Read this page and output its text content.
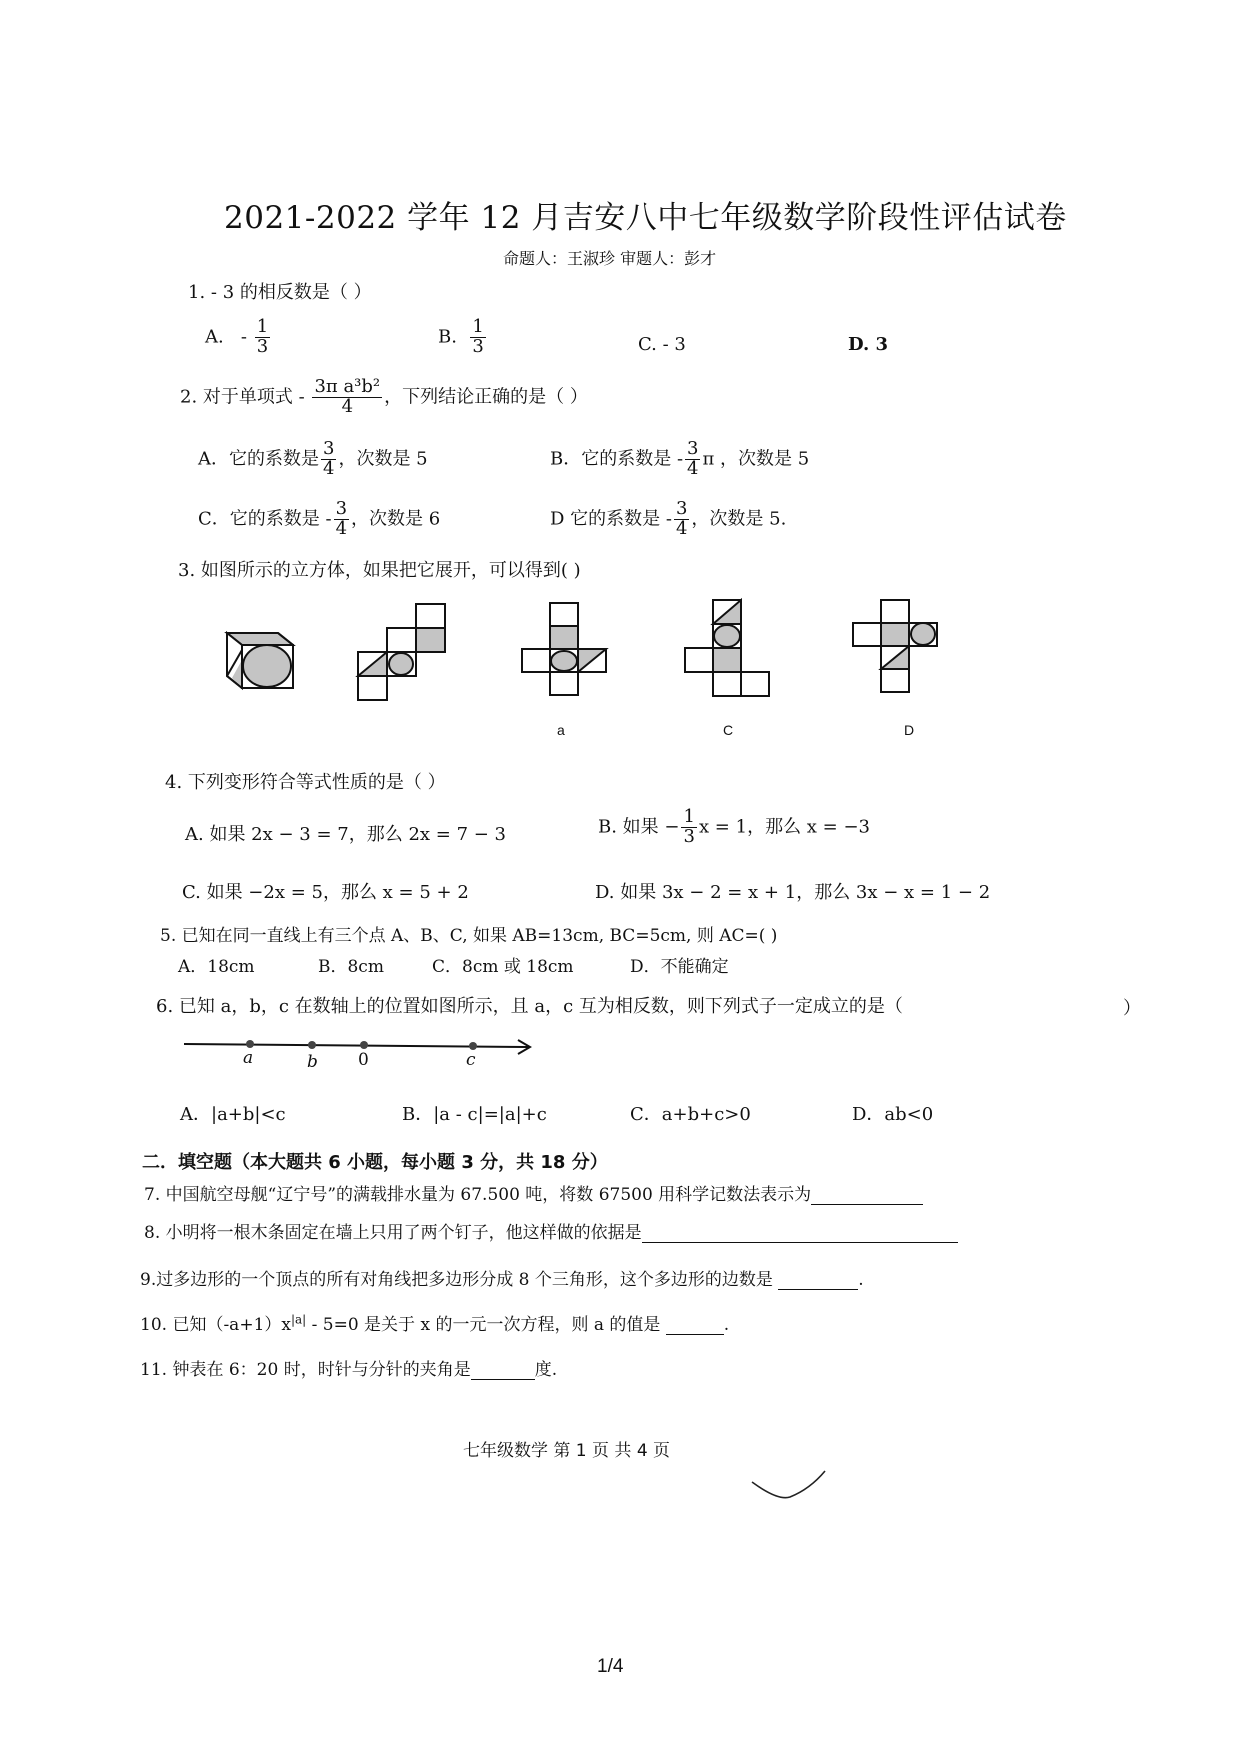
2021-2022 学年 12 月吉安八中七年级数学阶段性评估试卷
命题人：王淑珍 审题人：彭才
1. - 3 的相反数是（ ）
A. - $\frac{1}{3}$	B. $\frac{1}{3}$	C. - 3	D. 3
2. 对于单项式 - $\frac{\text{3π a³b²}}{4}$ ，下列结论正确的是（ ）
A．它的系数是 $\frac{3}{4}$ ，次数是 5	B．它的系数是 - $\frac{3}{4}$ π ，次数是 5
C．它的系数是 - $\frac{3}{4}$ ，次数是 6	D 它的系数是 - $\frac{3}{4}$ ，次数是 5.
3. 如图所示的立方体，如果把它展开，可以得到( )
a	C	D
4. 下列变形符合等式性质的是（ ）
A. 如果 2x − 3 = 7，那么 2x = 7 − 3	B. 如果 − $\frac{1}{3}$ x = 1，那么 x = −3
C. 如果 −2x = 5，那么 x = 5 + 2	D. 如果 3x − 2 = x + 1，那么 3x − x = 1 − 2
5. 已知在同一直线上有三个点 A、B、C, 如果 AB=13cm, BC=5cm, 则 AC=( )
A．18cm	B．8cm	C．8cm 或 18cm	D．不能确定
6. 已知 a，b，c 在数轴上的位置如图所示，且 a，c 互为相反数，则下列式子一定成立的是（	）
a	b 0	c
A．|a+b|<c	B．|a - c|=|a|+c	C．a+b+c>0	D．ab<0
二．填空题（本大题共 6 小题，每小题 3 分，共 18 分）
7. 中国航空母舰“辽宁号”的满载排水量为 67.500 吨，将数 67500 用科学记数法表示为
8. 小明将一根木条固定在墙上只用了两个钉子，他这样做的依据是
9.过多边形的一个顶点的所有对角线把多边形分成 8 个三角形，这个多边形的边数是	.
10. 已知$(-a+1)x^{|a|} - 5=0$ 是关于 x 的一元一次方程，则 a 的值是	.
11. 钟表在 6：20 时，时针与分针的夹角是	度.
七年级数学 第 1 页 共 4 页
1/4
